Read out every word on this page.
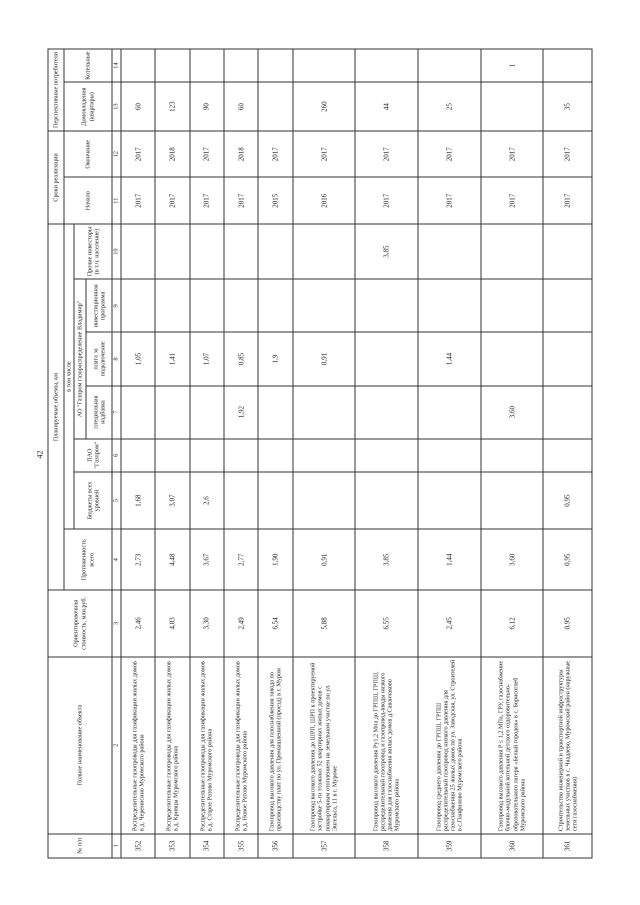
42
№ п/п	Полное наименование объекта	Ориентировочная стоимость, млн.руб.	Планируемые объемы, км							Сроки реализации		Перспективные потребители	
			Протяженность всего	в том числе						Начало	Окончание	Домовладения (квартиры)	Котельные
				Бюджеты всех уровней	ПАО "Газпром"	АО "Газпром газораспределение Владимир"			Прочие инвесторы (в т.ч. население)				
						специальная надбавка	плата за подключение	инвестиционная программа					
1	2	3	4	5	6	7	8	9	10	11	12	13	14
352	Распределительные газопроводы для газификации жилых домов в д. Черемисино Муромского района	2,46	2,73	1,68			1,05			2017	2017	60	
353	Распределительные газопроводы для газификации жилых домов в д. Кривцы Муромского района	4,03	4,48	3,07			1,41			2017	2018	123	
354	Распределительные газопроводы для газификации жилых домов в д. Старое Ратово Муромского района	3,30	3,67	2,6			1,07			2017	2017	90	
355	Распределительные газопроводы для газификации жилых домов в д. Новое Ратово Муромского района	2,49	2,77			1,92	0,85			2017	2018	60	
356	Газопровод высокого давления для газоснабжения завода по производству плит по ул. Промышленной (проезд) в г. Муром	6,54	1,90				1,9			2015	2017		
357	Газопровод высокого давления до ШРП, ШРП к проектируемой застройке 5-ти этажных 52 квартирных жилых домов с поквартирным отоплением на земельном участке по ул. Энгельса, 11 в г. Муроме	5,88	0,91				0,91			2016	2017	260	
358	Газопровод высокого давления Ру1,2 Мпа до ГРПШ, ГРПШ, распределительный газопровод и газопровод-вводы низкого давления для газоснабжения жилых домов д.Саванчаково Муромского района	6,55	3,85						3,85	2017	2017	44	
359	Газопровод среднего давления до ГРПШ, ГРПШ распределительный газопровод низкого давления для газоснабжения 25 жилых домов по ул. Заводская, ул. Строителей в с.Панфилово Муромского района	2,45	1,44				1,44			2017	2017	25	
360	Газопровод высокого давления Р ≤ 1,2 МПа, ГРУ, газоснабжение блочно-модульной котельной детского оздоровительно-образовательного лагеря «Белый городок» в с. Борисоглеб Муромского района	6,12	3,60			3,60				2017	2017		1
361	Строительство инженерной и транспортной инфраструктуры земельных участков в с. Чаадаево, Муромский район (наружные сети газоснабжения)	0,95	0,95	0,95						2017	2017	35	
